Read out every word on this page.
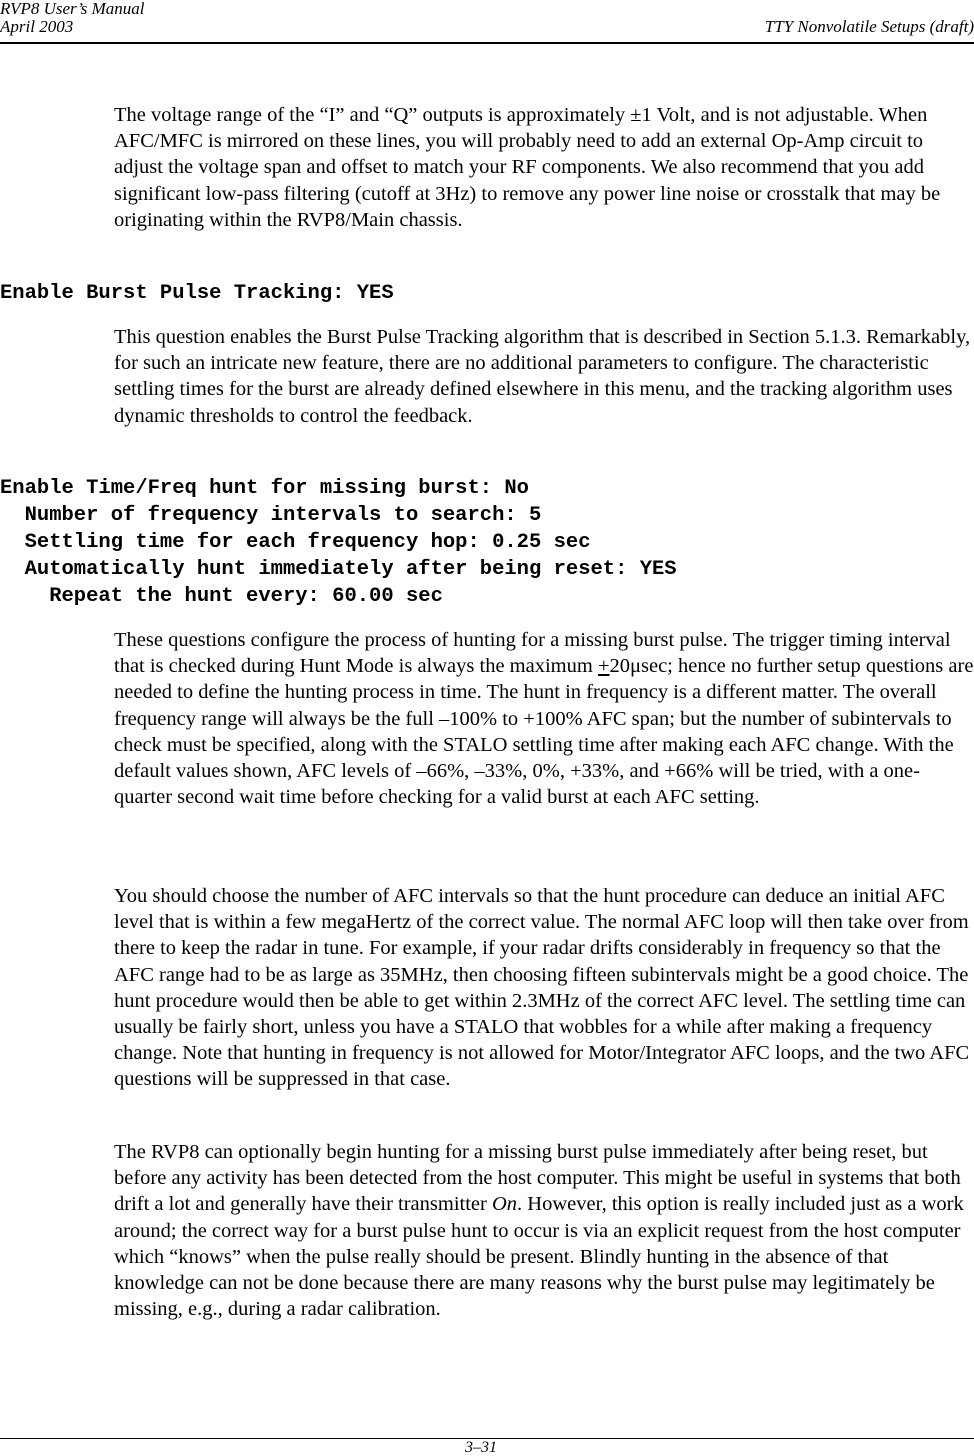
RVP8 User’s Manual
April 2003	TTY Nonvolatile Setups (draft)

The voltage range of the “I” and “Q” outputs is approximately ±1 Volt, and is not adjustable. When AFC/MFC is mirrored on these lines, you will probably need to add an external Op-Amp circuit to adjust the voltage span and offset to match your RF components. We also recommend that you add significant low-pass filtering (cutoff at 3Hz) to remove any power line noise or crosstalk that may be originating within the RVP8/Main chassis.

Enable Burst Pulse Tracking: YES

This question enables the Burst Pulse Tracking algorithm that is described in Section 5.1.3. Remarkably, for such an intricate new feature, there are no additional parameters to configure. The characteristic settling times for the burst are already defined elsewhere in this menu, and the tracking algorithm uses dynamic thresholds to control the feedback.

Enable Time/Freq hunt for missing burst: No
Number of frequency intervals to search: 5
Settling time for each frequency hop: 0.25 sec
Automatically hunt immediately after being reset: YES
Repeat the hunt every: 60.00 sec

These questions configure the process of hunting for a missing burst pulse. The trigger timing interval that is checked during Hunt Mode is always the maximum +20μsec; hence no further setup questions are needed to define the hunting process in time. The hunt in frequency is a different matter. The overall frequency range will always be the full –100% to +100% AFC span; but the number of subintervals to check must be specified, along with the STALO settling time after making each AFC change. With the default values shown, AFC levels of –66%, –33%, 0%, +33%, and +66% will be tried, with a one-quarter second wait time before checking for a valid burst at each AFC setting.

You should choose the number of AFC intervals so that the hunt procedure can deduce an initial AFC level that is within a few megaHertz of the correct value. The normal AFC loop will then take over from there to keep the radar in tune. For example, if your radar drifts considerably in frequency so that the AFC range had to be as large as 35MHz, then choosing fifteen subintervals might be a good choice. The hunt procedure would then be able to get within 2.3MHz of the correct AFC level. The settling time can usually be fairly short, unless you have a STALO that wobbles for a while after making a frequency change. Note that hunting in frequency is not allowed for Motor/Integrator AFC loops, and the two AFC questions will be suppressed in that case.

The RVP8 can optionally begin hunting for a missing burst pulse immediately after being reset, but before any activity has been detected from the host computer. This might be useful in systems that both drift a lot and generally have their transmitter On. However, this option is really included just as a work around; the correct way for a burst pulse hunt to occur is via an explicit request from the host computer which “knows” when the pulse really should be present. Blindly hunting in the absence of that knowledge can not be done because there are many reasons why the burst pulse may legitimately be missing, e.g., during a radar calibration.

3–31
